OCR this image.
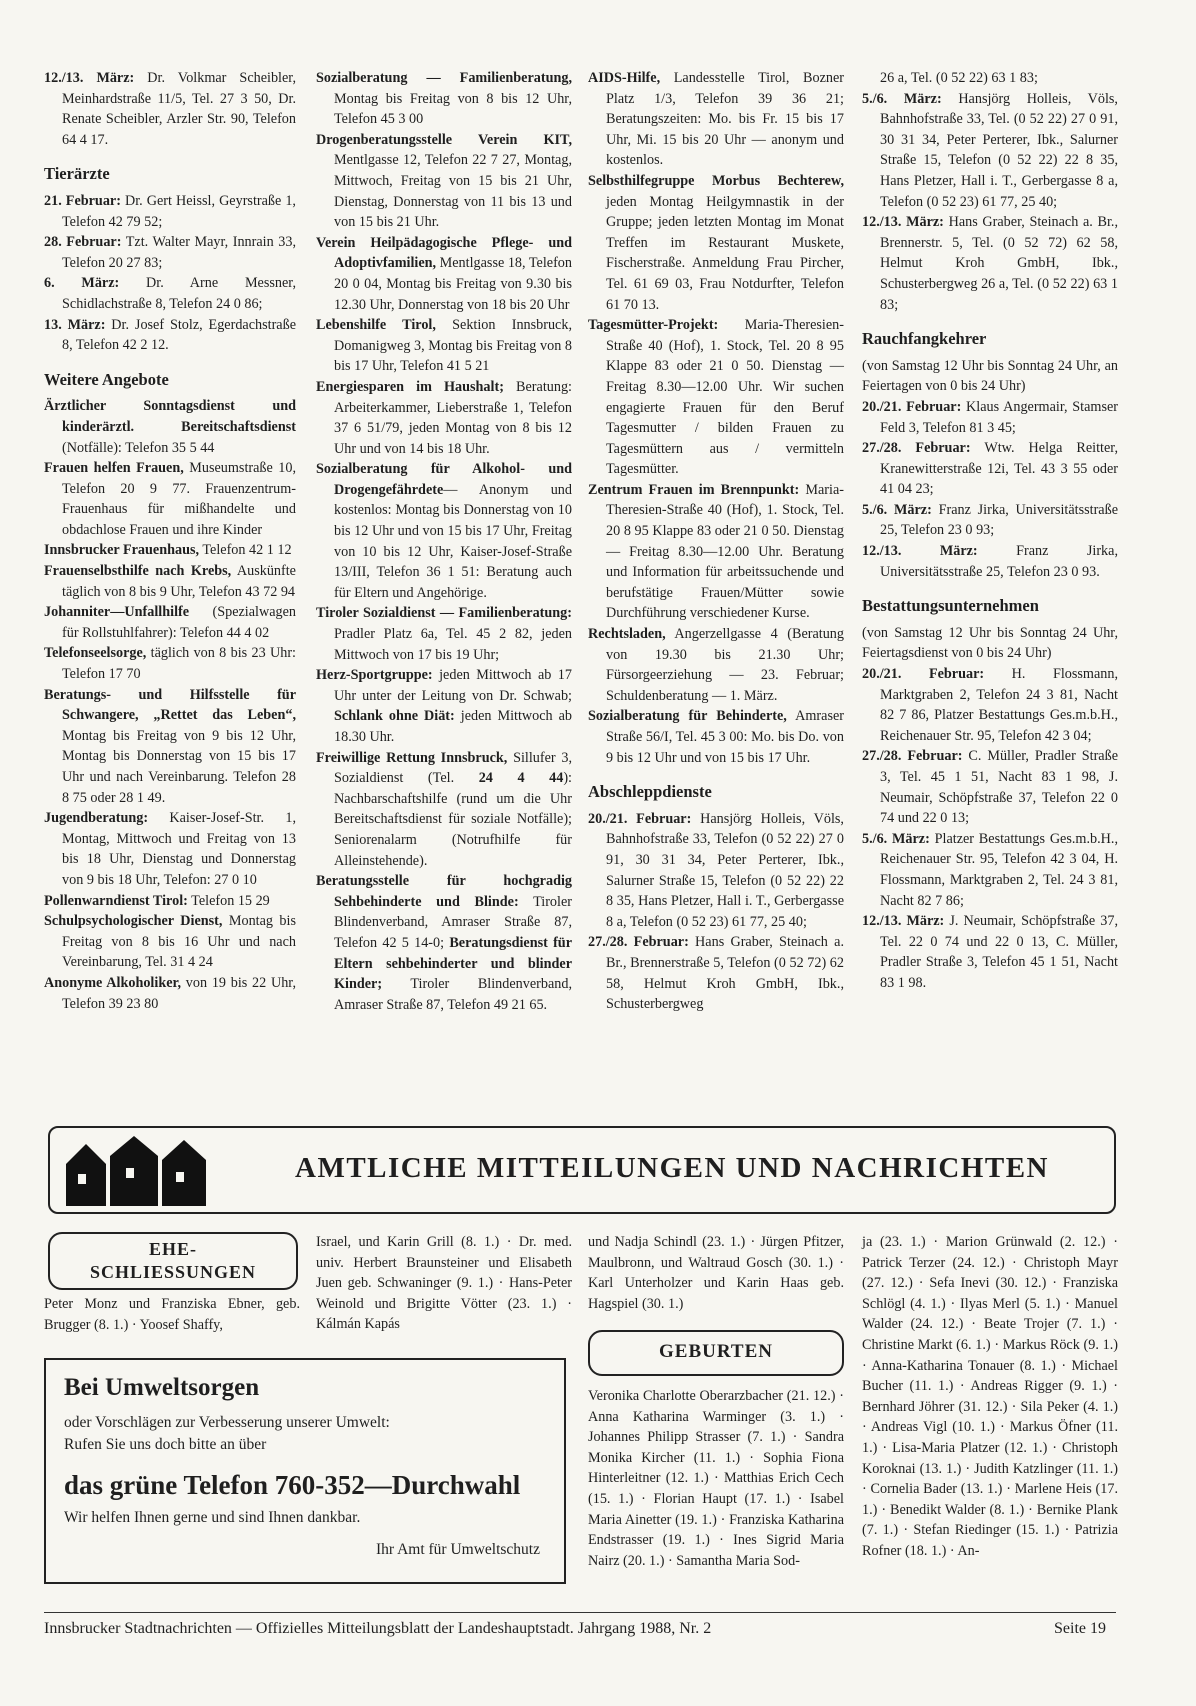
12./13. März: Dr. Volkmar Scheibler, Meinhardstraße 11/5, Tel. 27 3 50, Dr. Renate Scheibler, Arzler Str. 90, Telefon 64 4 17.

Tierärzte

21. Februar: Dr. Gert Heissl, Geyrstraße 1, Telefon 42 79 52;

28. Februar: Tzt. Walter Mayr, Innrain 33, Telefon 20 27 83;

6. März: Dr. Arne Messner, Schidlachstraße 8, Telefon 24 0 86;

13. März: Dr. Josef Stolz, Egerdachstraße 8, Telefon 42 2 12.

Weitere Angebote

Ärztlicher Sonntagsdienst und kinderärztl. Bereitschaftsdienst (Notfälle): Telefon 35 5 44

Frauen helfen Frauen, Museumstraße 10, Telefon 20 9 77. Frauenzentrum-Frauenhaus für mißhandelte und obdachlose Frauen und ihre Kinder

Innsbrucker Frauenhaus, Telefon 42 1 12

Frauenselbsthilfe nach Krebs, Auskünfte täglich von 8 bis 9 Uhr, Telefon 43 72 94

Johanniter—Unfallhilfe (Spezialwagen für Rollstuhlfahrer): Telefon 44 4 02

Telefonseelsorge, täglich von 8 bis 23 Uhr: Telefon 17 70

Beratungs- und Hilfsstelle für Schwangere, „Rettet das Leben“, Montag bis Freitag von 9 bis 12 Uhr, Montag bis Donnerstag von 15 bis 17 Uhr und nach Vereinbarung. Telefon 28 8 75 oder 28 1 49.

Jugendberatung: Kaiser-Josef-Str. 1, Montag, Mittwoch und Freitag von 13 bis 18 Uhr, Dienstag und Donnerstag von 9 bis 18 Uhr, Telefon: 27 0 10

Pollenwarndienst Tirol: Telefon 15 29

Schulpsychologischer Dienst, Montag bis Freitag von 8 bis 16 Uhr und nach Vereinbarung, Tel. 31 4 24

Anonyme Alkoholiker, von 19 bis 22 Uhr, Telefon 39 23 80

Sozialberatung — Familienberatung, Montag bis Freitag von 8 bis 12 Uhr, Telefon 45 3 00

Drogenberatungsstelle Verein KIT, Mentlgasse 12, Telefon 22 7 27, Montag, Mittwoch, Freitag von 15 bis 21 Uhr, Dienstag, Donnerstag von 11 bis 13 und von 15 bis 21 Uhr.

Verein Heilpädagogische Pflege- und Adoptivfamilien, Mentlgasse 18, Telefon 20 0 04, Montag bis Freitag von 9.30 bis 12.30 Uhr, Donnerstag von 18 bis 20 Uhr

Lebenshilfe Tirol, Sektion Innsbruck, Domanigweg 3, Montag bis Freitag von 8 bis 17 Uhr, Telefon 41 5 21

Energiesparen im Haushalt; Beratung: Arbeiterkammer, Lieberstraße 1, Telefon 37 6 51/79, jeden Montag von 8 bis 12 Uhr und von 14 bis 18 Uhr.

Sozialberatung für Alkohol- und Drogengefährdete— Anonym und kostenlos: Montag bis Donnerstag von 10 bis 12 Uhr und von 15 bis 17 Uhr, Freitag von 10 bis 12 Uhr, Kaiser-Josef-Straße 13/III, Telefon 36 1 51: Beratung auch für Eltern und Angehörige.

Tiroler Sozialdienst — Familienberatung: Pradler Platz 6a, Tel. 45 2 82, jeden Mittwoch von 17 bis 19 Uhr;

Herz-Sportgruppe: jeden Mittwoch ab 17 Uhr unter der Leitung von Dr. Schwab; Schlank ohne Diät: jeden Mittwoch ab 18.30 Uhr.

Freiwillige Rettung Innsbruck, Sillufer 3, Sozialdienst (Tel. 24 4 44): Nachbarschaftshilfe (rund um die Uhr Bereitschaftsdienst für soziale Notfälle); Seniorenalarm (Notrufhilfe für Alleinstehende).

Beratungsstelle für hochgradig Sehbehinderte und Blinde: Tiroler Blindenverband, Amraser Straße 87, Telefon 42 5 14-0; Beratungsdienst für Eltern sehbehinderter und blinder Kinder; Tiroler Blindenverband, Amraser Straße 87, Telefon 49 21 65.

AIDS-Hilfe, Landesstelle Tirol, Bozner Platz 1/3, Telefon 39 36 21; Beratungszeiten: Mo. bis Fr. 15 bis 17 Uhr, Mi. 15 bis 20 Uhr — anonym und kostenlos.

Selbsthilfegruppe Morbus Bechterew, jeden Montag Heilgymnastik in der Gruppe; jeden letzten Montag im Monat Treffen im Restaurant Muskete, Fischerstraße. Anmeldung Frau Pircher, Tel. 61 69 03, Frau Notdurfter, Telefon 61 70 13.

Tagesmütter-Projekt: Maria-Theresien-Straße 40 (Hof), 1. Stock, Tel. 20 8 95 Klappe 83 oder 21 0 50. Dienstag — Freitag 8.30—12.00 Uhr. Wir suchen engagierte Frauen für den Beruf Tagesmutter / bilden Frauen zu Tagesmüttern aus / vermitteln Tagesmütter.

Zentrum Frauen im Brennpunkt: Maria-Theresien-Straße 40 (Hof), 1. Stock, Tel. 20 8 95 Klappe 83 oder 21 0 50. Dienstag — Freitag 8.30—12.00 Uhr. Beratung und Information für arbeitssuchende und berufstätige Frauen/Mütter sowie Durchführung verschiedener Kurse.

Rechtsladen, Angerzellgasse 4 (Beratung von 19.30 bis 21.30 Uhr; Fürsorgeerziehung — 23. Februar; Schuldenberatung — 1. März.

Sozialberatung für Behinderte, Amraser Straße 56/I, Tel. 45 3 00: Mo. bis Do. von 9 bis 12 Uhr und von 15 bis 17 Uhr.

Abschleppdienste

20./21. Februar: Hansjörg Holleis, Völs, Bahnhofstraße 33, Telefon (0 52 22) 27 0 91, 30 31 34, Peter Perterer, Ibk., Salurner Straße 15, Telefon (0 52 22) 22 8 35, Hans Pletzer, Hall i. T., Gerbergasse 8 a, Telefon (0 52 23) 61 77, 25 40;

27./28. Februar: Hans Graber, Steinach a. Br., Brennerstraße 5, Telefon (0 52 72) 62 58, Helmut Kroh GmbH, Ibk., Schusterbergweg

26 a, Tel. (0 52 22) 63 1 83;

5./6. März: Hansjörg Holleis, Völs, Bahnhofstraße 33, Tel. (0 52 22) 27 0 91, 30 31 34, Peter Perterer, Ibk., Salurner Straße 15, Telefon (0 52 22) 22 8 35, Hans Pletzer, Hall i. T., Gerbergasse 8 a, Telefon (0 52 23) 61 77, 25 40;

12./13. März: Hans Graber, Steinach a. Br., Brennerstr. 5, Tel. (0 52 72) 62 58, Helmut Kroh GmbH, Ibk., Schusterbergweg 26 a, Tel. (0 52 22) 63 1 83;

Rauchfangkehrer

(von Samstag 12 Uhr bis Sonntag 24 Uhr, an Feiertagen von 0 bis 24 Uhr)

20./21. Februar: Klaus Angermair, Stamser Feld 3, Telefon 81 3 45;

27./28. Februar: Wtw. Helga Reitter, Kranewitterstraße 12i, Tel. 43 3 55 oder 41 04 23;

5./6. März: Franz Jirka, Universitätsstraße 25, Telefon 23 0 93;

12./13. März: Franz Jirka, Universitätsstraße 25, Telefon 23 0 93.

Bestattungsunternehmen

(von Samstag 12 Uhr bis Sonntag 24 Uhr, Feiertagsdienst von 0 bis 24 Uhr)

20./21. Februar: H. Flossmann, Marktgraben 2, Telefon 24 3 81, Nacht 82 7 86, Platzer Bestattungs Ges.m.b.H., Reichenauer Str. 95, Telefon 42 3 04;

27./28. Februar: C. Müller, Pradler Straße 3, Tel. 45 1 51, Nacht 83 1 98, J. Neumair, Schöpfstraße 37, Telefon 22 0 74 und 22 0 13;

5./6. März: Platzer Bestattungs Ges.m.b.H., Reichenauer Str. 95, Telefon 42 3 04, H. Flossmann, Marktgraben 2, Tel. 24 3 81, Nacht 82 7 86;

12./13. März: J. Neumair, Schöpfstraße 37, Tel. 22 0 74 und 22 0 13, C. Müller, Pradler Straße 3, Telefon 45 1 51, Nacht 83 1 98.

AMTLICHE MITTEILUNGEN UND NACHRICHTEN
EHE-
SCHLIESSUNGEN
Peter Monz und Franziska Ebner, geb. Brugger (8. 1.) · Yoosef Shaffy,
Israel, und Karin Grill (8. 1.) · Dr. med. univ. Herbert Braunsteiner und Elisabeth Juen geb. Schwaninger (9. 1.) · Hans-Peter Weinold und Brigitte Vötter (23. 1.) · Kálmán Kapás
und Nadja Schindl (23. 1.) · Jürgen Pfitzer, Maulbronn, und Waltraud Gosch (30. 1.) · Karl Unterholzer und Karin Haas geb. Hagspiel (30. 1.)
GEBURTEN
Veronika Charlotte Oberarzbacher (21. 12.) · Anna Katharina Warminger (3. 1.) · Johannes Philipp Strasser (7. 1.) · Sandra Monika Kircher (11. 1.) · Sophia Fiona Hinterleitner (12. 1.) · Matthias Erich Cech (15. 1.) · Florian Haupt (17. 1.) · Isabel Maria Ainetter (19. 1.) · Franziska Katharina Endstrasser (19. 1.) · Ines Sigrid Maria Nairz (20. 1.) · Samantha Maria Sod-
ja (23. 1.) · Marion Grünwald (2. 12.) · Patrick Terzer (24. 12.) · Christoph Mayr (27. 12.) · Sefa Inevi (30. 12.) · Franziska Schlögl (4. 1.) · Ilyas Merl (5. 1.) · Manuel Walder (24. 12.) · Beate Trojer (7. 1.) · Christine Markt (6. 1.) · Markus Röck (9. 1.) · Anna-Katharina Tonauer (8. 1.) · Michael Bucher (11. 1.) · Andreas Rigger (9. 1.) · Bernhard Jöhrer (31. 12.) · Sila Peker (4. 1.) · Andreas Vigl (10. 1.) · Markus Öfner (11. 1.) · Lisa-Maria Platzer (12. 1.) · Christoph Koroknai (13. 1.) · Judith Katzlinger (11. 1.) · Cornelia Bader (13. 1.) · Marlene Heis (17. 1.) · Benedikt Walder (8. 1.) · Bernike Plank (7. 1.) · Stefan Riedinger (15. 1.) · Patrizia Rofner (18. 1.) · An-
Bei Umweltsorgen
oder Vorschlägen zur Verbesserung unserer Umwelt:
Rufen Sie uns doch bitte an über
das grüne Telefon 760-352—Durchwahl
Wir helfen Ihnen gerne und sind Ihnen dankbar.
Ihr Amt für Umweltschutz
Innsbrucker Stadtnachrichten — Offizielles Mitteilungsblatt der Landeshauptstadt. Jahrgang 1988, Nr. 2	Seite 19
